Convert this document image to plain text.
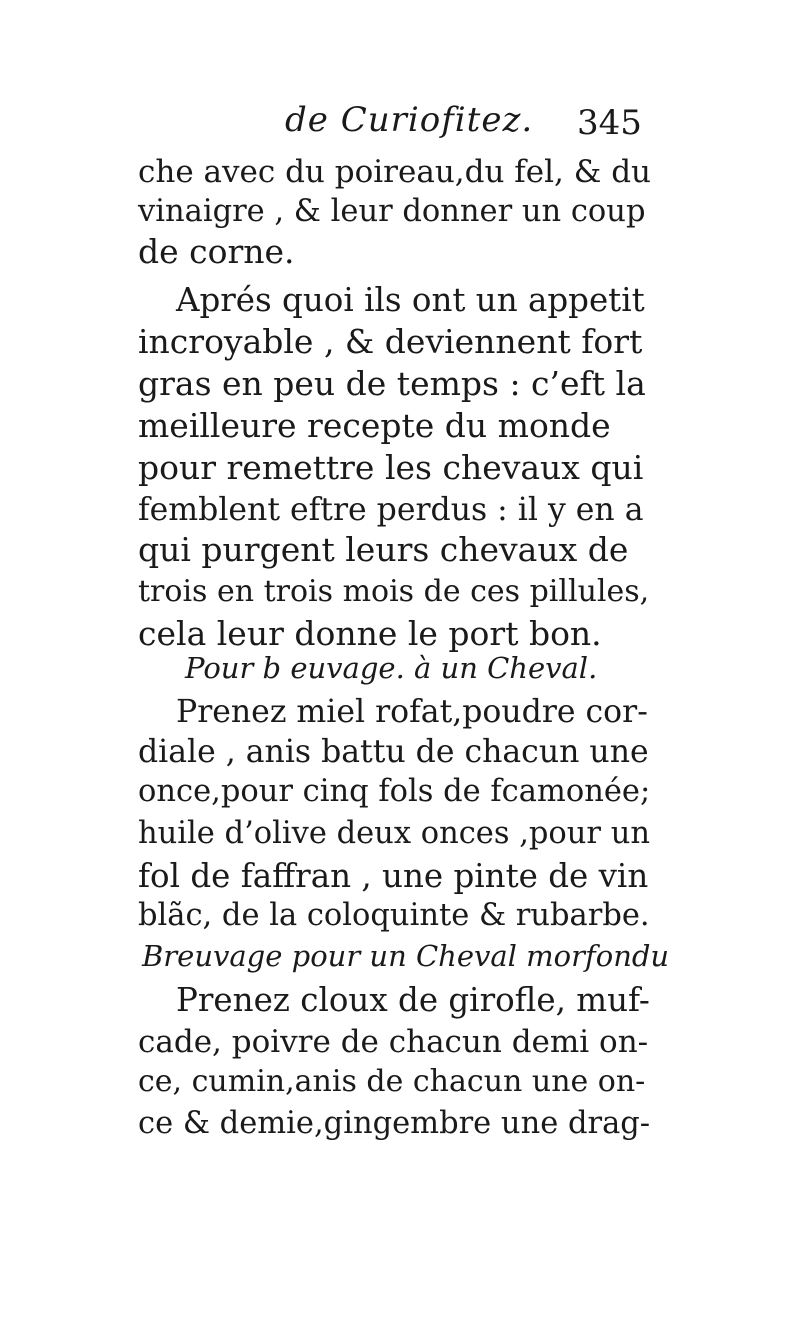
de Curiofitez. 345
che avec du poireau,du fel, & du
vinaigre , & leur donner un coup
de corne.
Aprés quoi ils ont un appetit
incroyable , & deviennent fort
gras en peu de temps : c’eft la
meilleure recepte du monde
pour remettre les chevaux qui
femblent eftre perdus : il y en a
qui purgent leurs chevaux de
trois en trois mois de ces pillules,
cela leur donne le port bon.
Pour b euvage. à un Cheval.
Prenez miel rofat,poudre cor-
diale , anis battu de chacun une
once,pour cinq fols de fcamonée;
huile d’olive deux onces ,pour un
fol de faffran , une pinte de vin
blãc, de la coloquinte & rubarbe.
Breuvage pour un Cheval morfondu
Prenez cloux de girofle, muf-
cade, poivre de chacun demi on-
ce, cumin,anis de chacun une on-
ce & demie,gingembre une drag-
